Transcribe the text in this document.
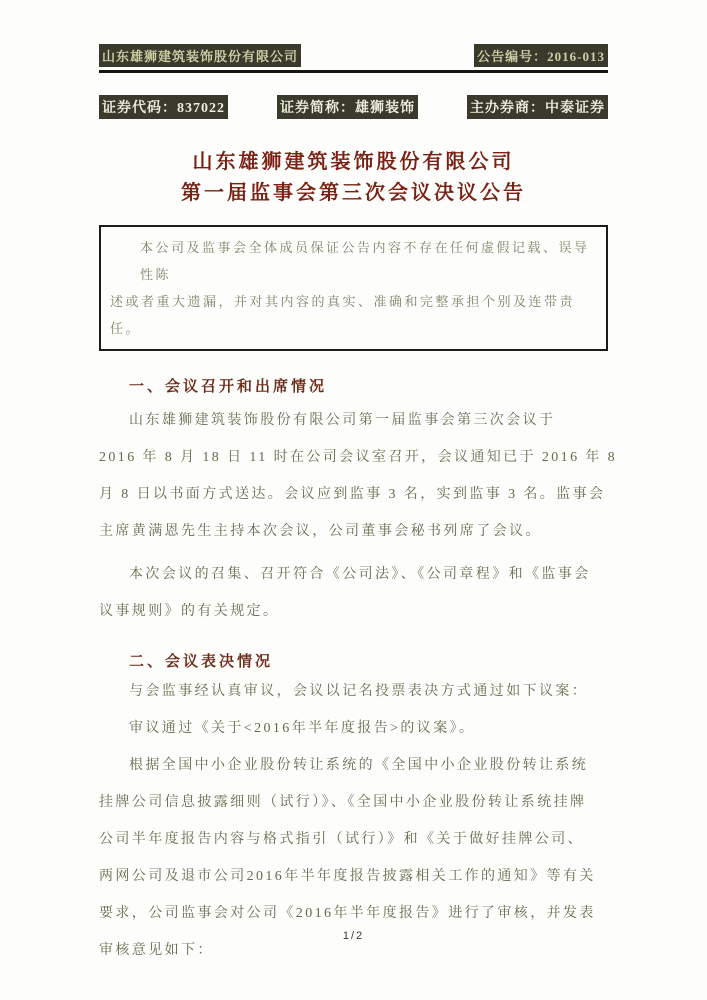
山东雄狮建筑装饰股份有限公司	公告编号：2016-013
证券代码：837022	证券简称：雄狮装饰	主办券商：中泰证券
山东雄狮建筑装饰股份有限公司
第一届监事会第三次会议决议公告
本公司及监事会全体成员保证公告内容不存在任何虚假记载、误导性陈
述或者重大遗漏，并对其内容的真实、准确和完整承担个别及连带责任。
一、会议召开和出席情况
山东雄狮建筑装饰股份有限公司第一届监事会第三次会议于
2016 年 8 月 18 日 11 时在公司会议室召开，会议通知已于 2016 年 8
月 8 日以书面方式送达。会议应到监事 3 名，实到监事 3 名。监事会
主席黄满恩先生主持本次会议，公司董事会秘书列席了会议。
本次会议的召集、召开符合《公司法》、《公司章程》和《监事会
议事规则》的有关规定。
二、会议表决情况
与会监事经认真审议，会议以记名投票表决方式通过如下议案：
审议通过《关于<2016年半年度报告>的议案》。
根据全国中小企业股份转让系统的《全国中小企业股份转让系统
挂牌公司信息披露细则（试行）》、《全国中小企业股份转让系统挂牌
公司半年度报告内容与格式指引（试行）》和《关于做好挂牌公司、
两网公司及退市公司2016年半年度报告披露相关工作的通知》等有关
要求，公司监事会对公司《2016年半年度报告》进行了审核，并发表
审核意见如下：
1/2
